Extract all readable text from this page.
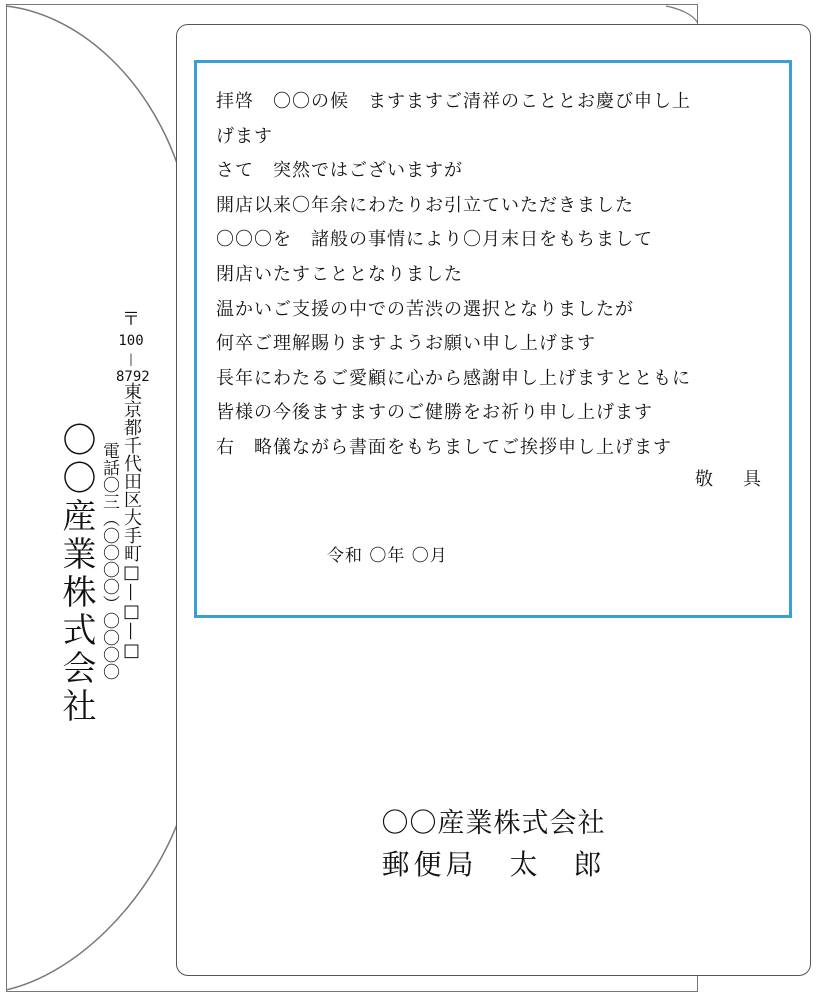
〇〇産業株式会社 電話〇三（〇〇〇〇）〇〇〇〇 東京都千代田区大手町□—□—□
〒
100
|
8792
拝啓　〇〇の候　ますますご清祥のこととお慶び申し上
げます
さて　突然ではございますが
開店以来〇年余にわたりお引立ていただきました
〇〇〇を　諸般の事情により〇月末日をもちまして
閉店いたすこととなりました
温かいご支援の中での苦渋の選択となりましたが
何卒ご理解賜りますようお願い申し上げます
長年にわたるご愛顧に心から感謝申し上げますとともに
皆様の今後ますますのご健勝をお祈り申し上げます
右　略儀ながら書面をもちましてご挨拶申し上げます
敬　具
令和 〇年 〇月
〇〇産業株式会社
郵便局　太　郎
